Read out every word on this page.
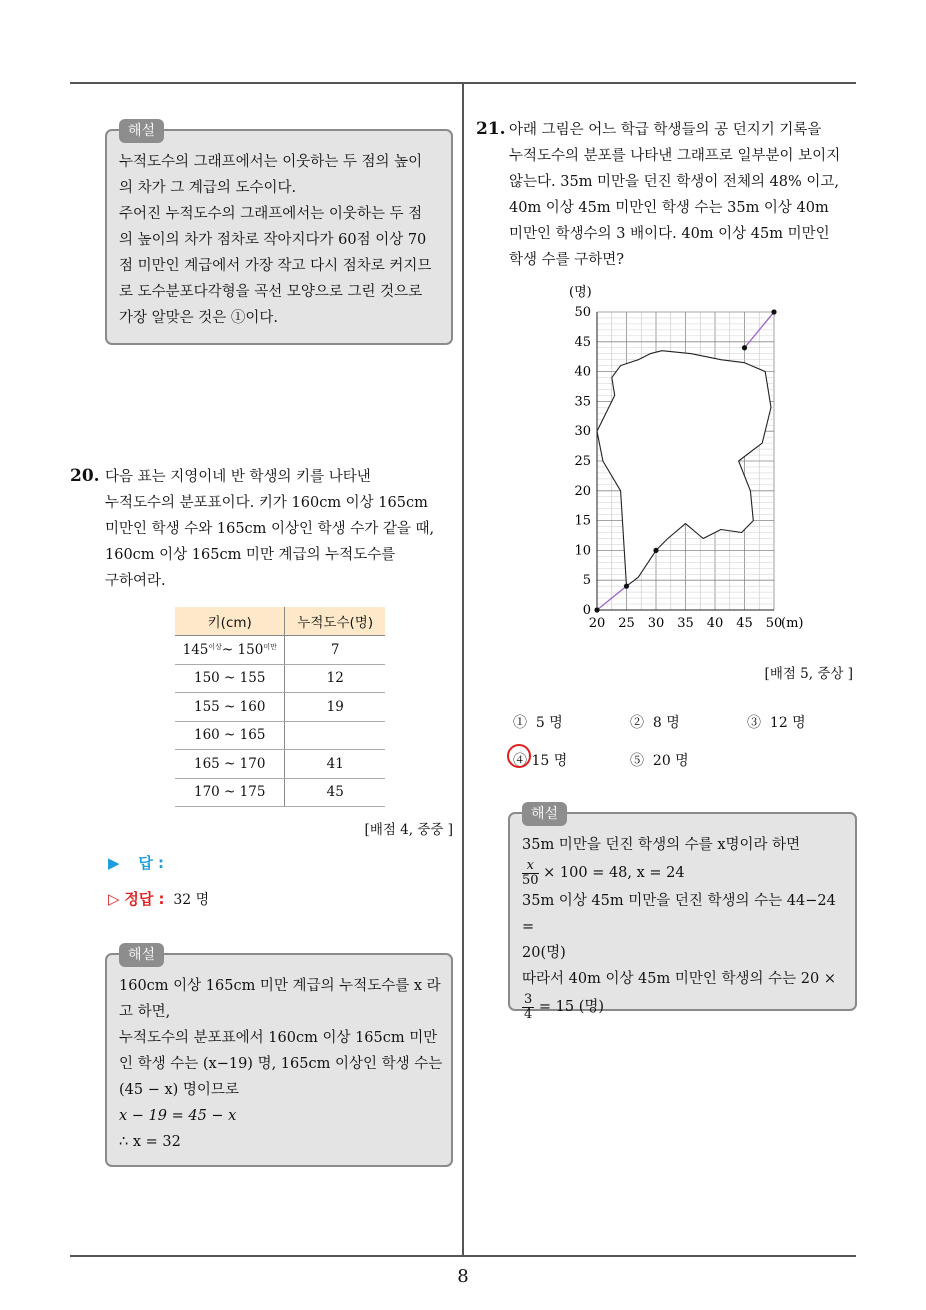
8
해설

누적도수의 그래프에서는 이웃하는 두 점의 높이

의 차가 그 계급의 도수이다.

주어진 누적도수의 그래프에서는 이웃하는 두 점

의 높이의 차가 점차로 작아지다가 60점 이상 70

점 미만인 계급에서 가장 작고 다시 점차로 커지므

로 도수분포다각형을 곡선 모양으로 그린 것으로

가장 알맞은 것은 ①이다.

20. 다음 표는 지영이네 반 학생의 키를 나타낸
누적도수의 분포표이다. 키가 160cm 이상 165cm
미만인 학생 수와 165cm 이상인 학생 수가 같을 때,
160cm 이상 165cm 미만 계급의 누적도수를
구하여라.
키(cm)	누적도수(명)
$145^{이상}\sim$ $150^{미만}$	7
150 ~ 155	12
155 ~ 160	19
160 ~ 165	
165 ~ 170	41
170 ~ 175	45
[배점 4, 중중 ]
▶ 답 :
▷ 정답 : 32 명
해설

160cm 이상 165cm 미만 계급의 누적도수를 x 라

고 하면,

누적도수의 분포표에서 160cm 이상 165cm 미만

인 학생 수는 (x−19) 명, 165cm 이상인 학생 수는

(45 − x) 명이므로

x − 19 = 45 − x

∴ x = 32

21. 아래 그림은 어느 학급 학생들의 공 던지기 기록을
누적도수의 분포를 나타낸 그래프로 일부분이 보이지
않는다. 35m 미만을 던진 학생이 전체의 48% 이고,
40m 이상 45m 미만인 학생 수는 35m 이상 40m
미만인 학생수의 3 배이다. 40m 이상 45m 미만인
학생 수를 구하면?
0
5
10
15
20
25
30
35
40
45
50
20 25 30 35 40 45 50
(명)
(m)
[배점 5, 중상 ]
① 5 명	② 8 명	③ 12 명
④ 15 명	⑤ 20 명
해설

35m 미만을 던진 학생의 수를 x명이라 하면

$\frac{x}{50} \times 100 = 48$, x = 24

35m 이상 45m 미만을 던진 학생의 수는 44−24 =

20(명)

따라서 40m 이상 45m 미만인 학생의 수는 20 ×

$\frac{3}{4} = 15$ (명)
